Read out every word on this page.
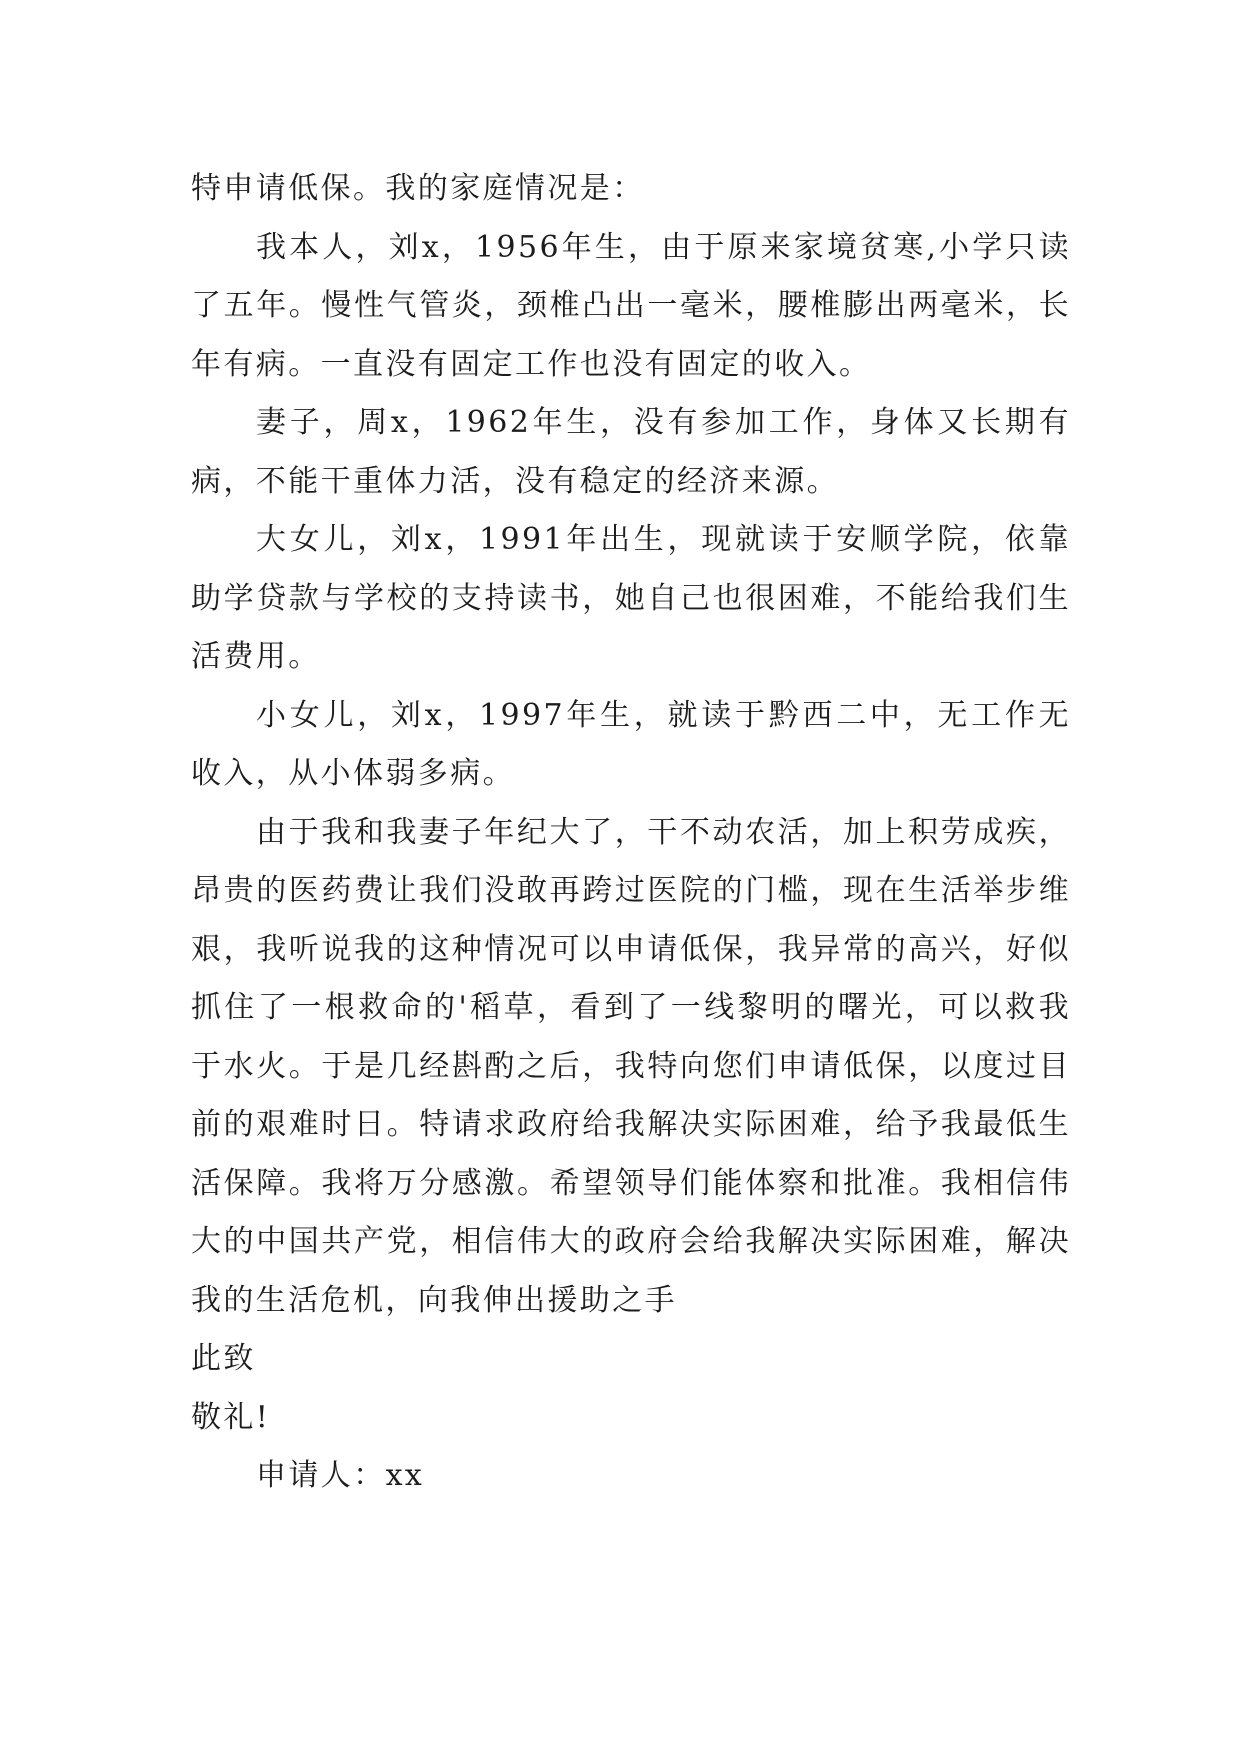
特申请低保。我的家庭情况是：

我本人，刘x，1956年生，由于原来家境贫寒,小学只读了五年。慢性气管炎，颈椎凸出一毫米，腰椎膨出两毫米，长年有病。一直没有固定工作也没有固定的收入。

妻子，周x，1962年生，没有参加工作，身体又长期有病，不能干重体力活，没有稳定的经济来源。

大女儿，刘x，1991年出生，现就读于安顺学院，依靠助学贷款与学校的支持读书，她自己也很困难，不能给我们生活费用。

小女儿，刘x，1997年生，就读于黔西二中，无工作无收入，从小体弱多病。

由于我和我妻子年纪大了，干不动农活，加上积劳成疾，昂贵的医药费让我们没敢再跨过医院的门槛，现在生活举步维艰，我听说我的这种情况可以申请低保，我异常的高兴，好似抓住了一根救命的'稻草，看到了一线黎明的曙光，可以救我于水火。于是几经斟酌之后，我特向您们申请低保，以度过目前的艰难时日。特请求政府给我解决实际困难，给予我最低生活保障。我将万分感激。希望领导们能体察和批准。我相信伟大的中国共产党，相信伟大的政府会给我解决实际困难，解决我的生活危机，向我伸出援助之手

此致

敬礼!

申请人：xx
